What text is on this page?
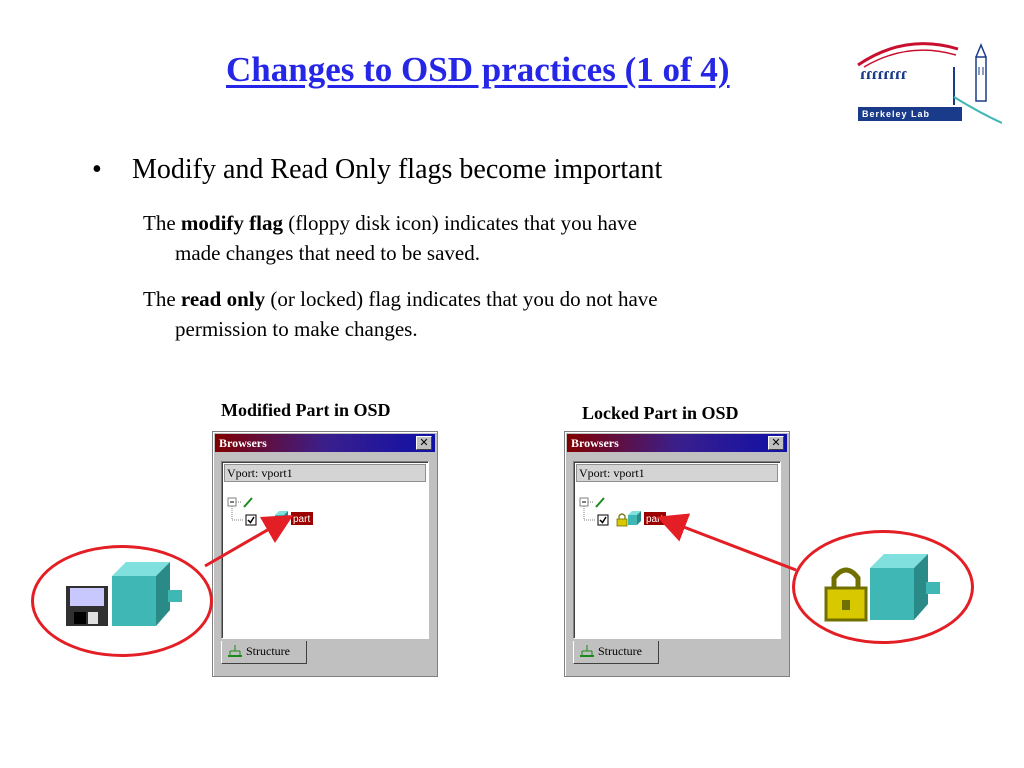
Changes to OSD practices (1 of 4)	ɾɾɾɾɾɾɾɾ
Berkeley Lab
• Modify and Read Only flags become important
The modify flag (floppy disk icon) indicates that you have
made changes that need to be saved.
The read only (or locked) flag indicates that you do not have
permission to make changes.
Modified Part in OSD	Locked Part in OSD
Browsers	✕
Vport: vport1
part
Structure
Browsers	✕
Vport: vport1
part
Structure
